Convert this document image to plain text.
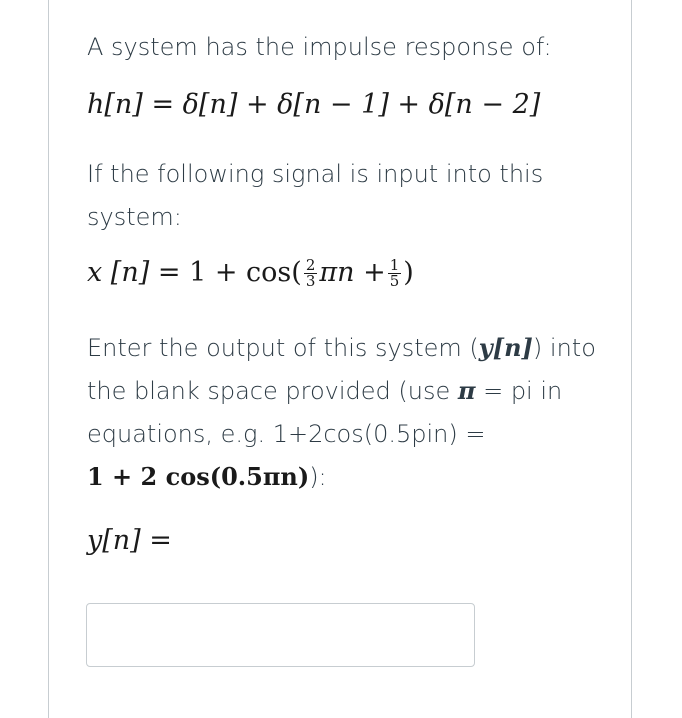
A system has the impulse response of:
h[n] = δ[n] + δ[n − 1] + δ[n − 2]
If the following signal is input into this
system:
x $[n] = 1 + \cos( \frac{2}{3}$ $\pi n + \frac{1}{5}$ )
Enter the output of this system (y[n]) into
the blank space provided (use π = pi in
equations, e.g. 1+2cos(0.5pin) =
1 + 2 cos(0.5πn)):
y[n] =
